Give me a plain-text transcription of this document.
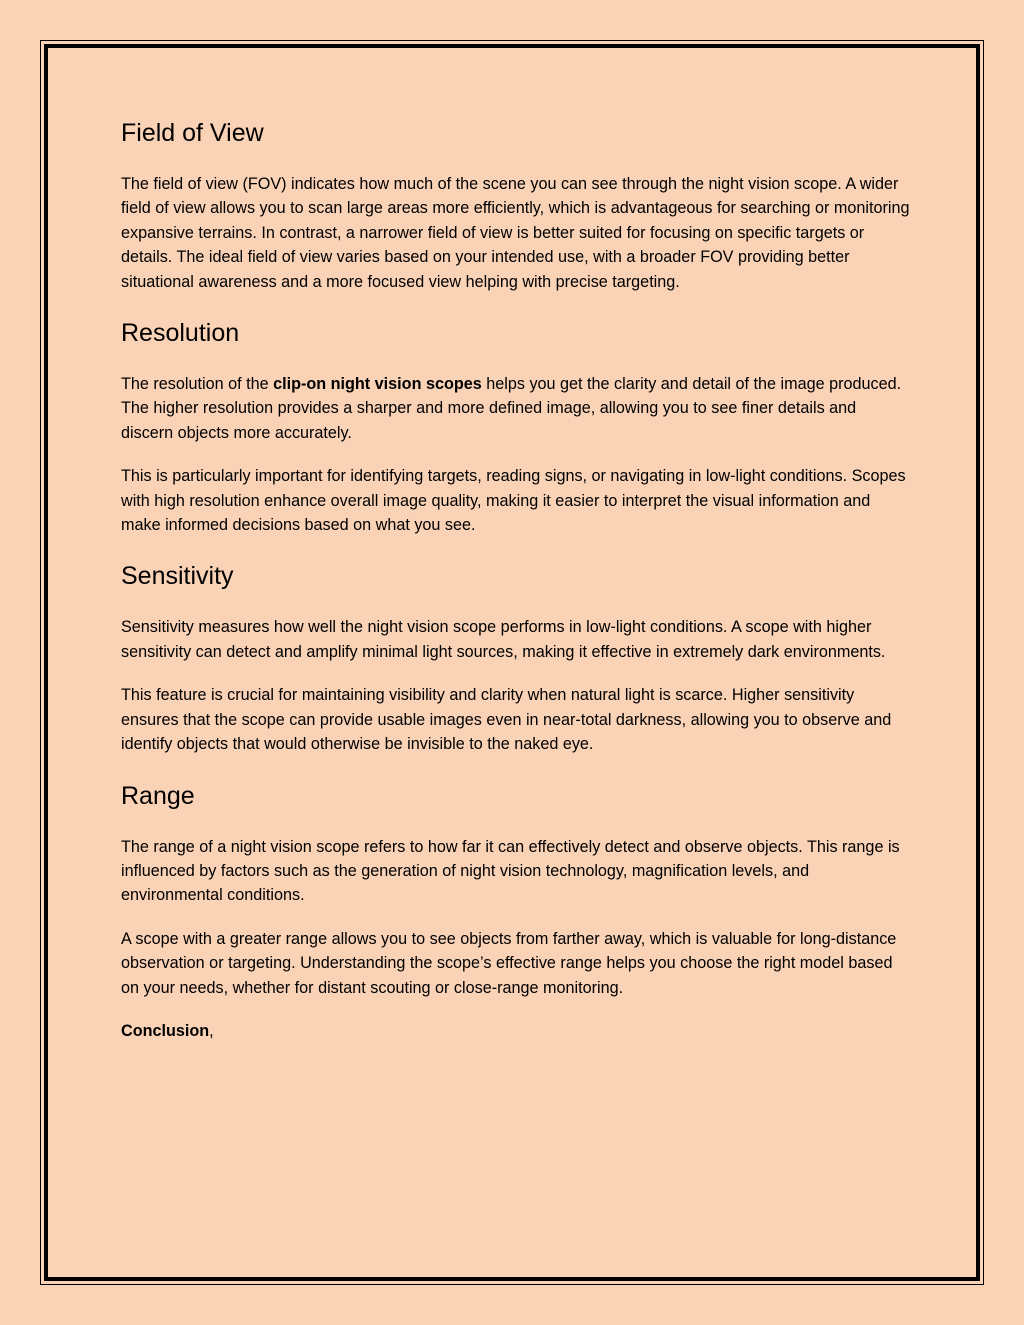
Field of View

The field of view (FOV) indicates how much of the scene you can see through the night vision scope. A wider field of view allows you to scan large areas more efficiently, which is advantageous for searching or monitoring expansive terrains. In contrast, a narrower field of view is better suited for focusing on specific targets or details. The ideal field of view varies based on your intended use, with a broader FOV providing better situational awareness and a more focused view helping with precise targeting.

Resolution

The resolution of the clip-on night vision scopes helps you get the clarity and detail of the image produced. The higher resolution provides a sharper and more defined image, allowing you to see finer details and discern objects more accurately.

This is particularly important for identifying targets, reading signs, or navigating in low-light conditions. Scopes with high resolution enhance overall image quality, making it easier to interpret the visual information and make informed decisions based on what you see.

Sensitivity

Sensitivity measures how well the night vision scope performs in low-light conditions. A scope with higher sensitivity can detect and amplify minimal light sources, making it effective in extremely dark environments.

This feature is crucial for maintaining visibility and clarity when natural light is scarce. Higher sensitivity ensures that the scope can provide usable images even in near-total darkness, allowing you to observe and identify objects that would otherwise be invisible to the naked eye.

Range

The range of a night vision scope refers to how far it can effectively detect and observe objects. This range is influenced by factors such as the generation of night vision technology, magnification levels, and environmental conditions.

A scope with a greater range allows you to see objects from farther away, which is valuable for long-distance observation or targeting. Understanding the scope’s effective range helps you choose the right model based on your needs, whether for distant scouting or close-range monitoring.

Conclusion,
